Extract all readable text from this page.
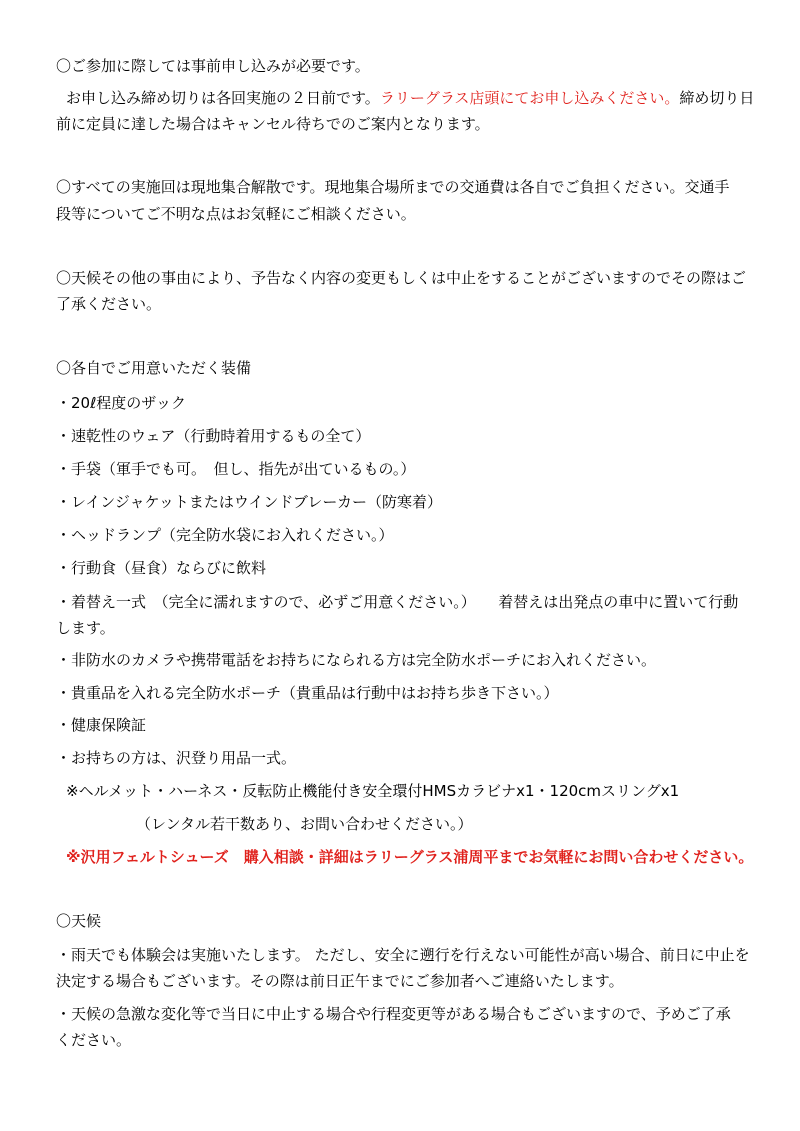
〇ご参加に際しては事前申し込みが必要です。
お申し込み締め切りは各回実施の２日前です。ラリーグラス店頭にてお申し込みください。締め切り日
前に定員に達した場合はキャンセル待ちでのご案内となります。
〇すべての実施回は現地集合解散です。現地集合場所までの交通費は各自でご負担ください。交通手
段等についてご不明な点はお気軽にご相談ください。
〇天候その他の事由により、予告なく内容の変更もしくは中止をすることがございますのでその際はご
了承ください。
〇各自でご用意いただく装備
・20ℓ程度のザック
・速乾性のウェア（行動時着用するもの全て）
・手袋（軍手でも可。　但し、指先が出ているもの。）
・レインジャケットまたはウインドブレーカー（防寒着）
・ヘッドランプ（完全防水袋にお入れください。）
・行動食（昼食）ならびに飲料
・着替え一式　（完全に濡れますので、必ずご用意ください。）　　着替えは出発点の車中に置いて行動
します。
・非防水のカメラや携帯電話をお持ちになられる方は完全防水ポーチにお入れください。
・貴重品を入れる完全防水ポーチ（貴重品は行動中はお持ち歩き下さい。）
・健康保険証
・お持ちの方は、沢登り用品一式。
※ヘルメット・ハーネス・反転防止機能付き安全環付HMSカラビナx1・120cmスリングx1
（レンタル若干数あり、お問い合わせください。）
※沢用フェルトシューズ　購入相談・詳細はラリーグラス浦周平までお気軽にお問い合わせください。
〇天候
・雨天でも体験会は実施いたします。 ただし、安全に遡行を行えない可能性が高い場合、前日に中止を
決定する場合もございます。その際は前日正午までにご参加者へご連絡いたします。
・天候の急激な変化等で当日に中止する場合や行程変更等がある場合もございますので、予めご了承
ください。
